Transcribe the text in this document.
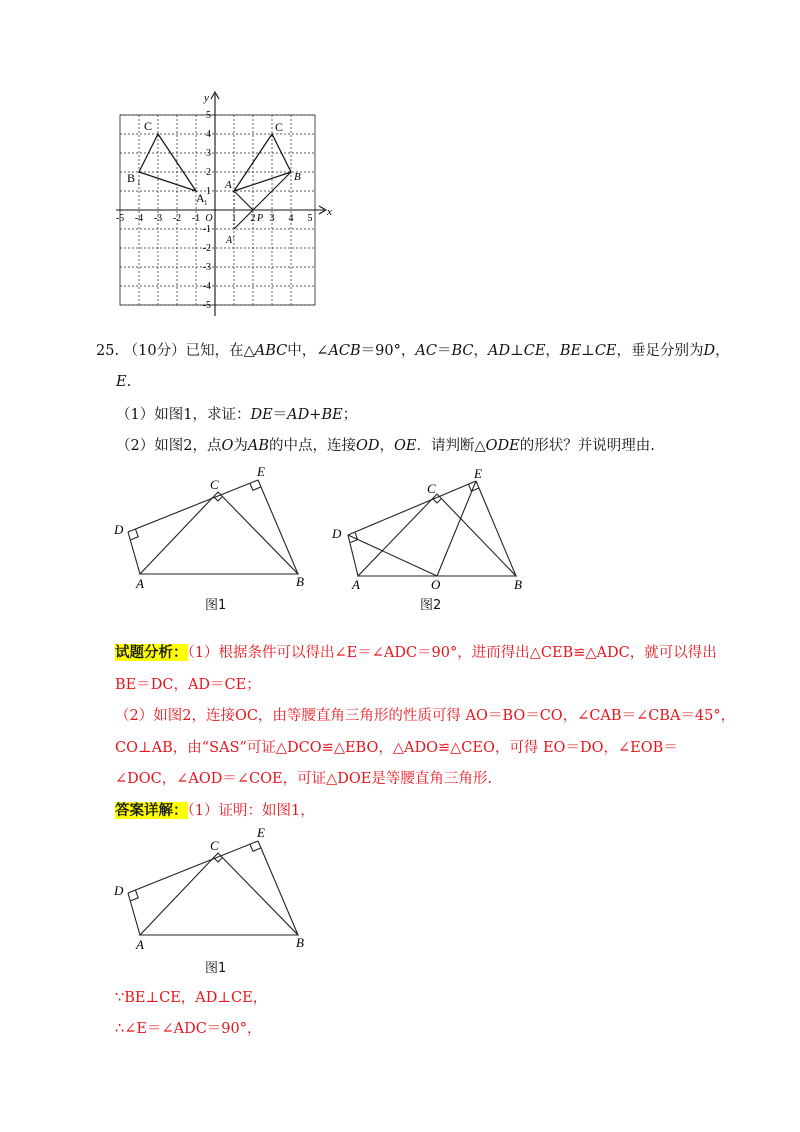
x
y
-5 -4 -3 -2 -1 O 1 2 3 4 5
5
4
3
2
1
-1
-2
-3
-4
-5
C
B 1
A 1
A
C
B
P
A'
25. （10分）已知，在△ABC中，∠ACB＝90°，AC＝BC，AD⊥CE，BE⊥CE，垂足分别为D，
E.
（1）如图1，求证：DE＝AD+BE；
（2）如图2，点O为AB的中点，连接OD，OE．请判断△ODE的形状？并说明理由.
D
A	B
C
E
图1
D
A	O	B
C
E
图2
试题分析：（1）根据条件可以得出∠E＝∠ADC＝90°，进而得出△CEB≌△ADC，就可以得出
BE＝DC，AD＝CE；
（2）如图2，连接OC，由等腰直角三角形的性质可得 AO＝BO＝CO，∠CAB＝∠CBA＝45°，
CO⊥AB，由“SAS”可证△DCO≌△EBO，△ADO≌△CEO，可得 EO＝DO，∠EOB＝
∠DOC，∠AOD＝∠COE，可证△DOE是等腰直角三角形.
答案详解：（1）证明：如图1，
D
A	B
C
E
图1
∵BE⊥CE，AD⊥CE，
∴∠E＝∠ADC＝90°，
